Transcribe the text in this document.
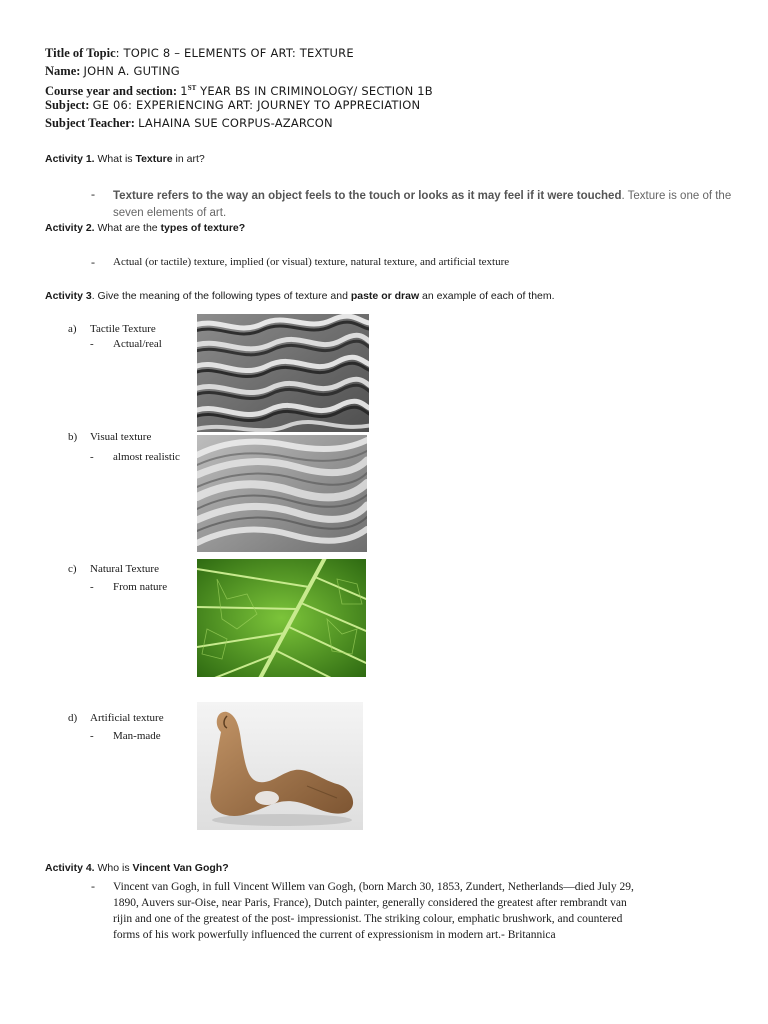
Title of Topic: TOPIC 8 – ELEMENTS OF ART: TEXTURE
Name: JOHN A. GUTING
Course year and section: 1ST YEAR BS IN CRIMINOLOGY/ SECTION 1B
Subject: GE 06: EXPERIENCING ART: JOURNEY TO APPRECIATION
Subject Teacher: LAHAINA SUE CORPUS-AZARCON
Activity 1. What is Texture in art?
- Texture refers to the way an object feels to the touch or looks as it may feel if it were touched. Texture is one of the seven elements of art.
Activity 2. What are the types of texture?
- Actual (or tactile) texture, implied (or visual) texture, natural texture, and artificial texture
Activity 3. Give the meaning of the following types of texture and paste or draw an example of each of them.
a) Tactile Texture
- Actual/real
b) Visual texture
- almost realistic
c) Natural Texture
- From nature
d) Artificial texture
- Man-made
Activity 4. Who is Vincent Van Gogh?
- Vincent van Gogh, in full Vincent Willem van Gogh, (born March 30, 1853, Zundert, Netherlands—died July 29,
1890, Auvers sur-Oise, near Paris, France), Dutch painter, generally considered the greatest after rembrandt van
rijin and one of the greatest of the post- impressionist. The striking colour, emphatic brushwork, and countered
forms of his work powerfully influenced the current of expressionism in modern art.- Britannica
